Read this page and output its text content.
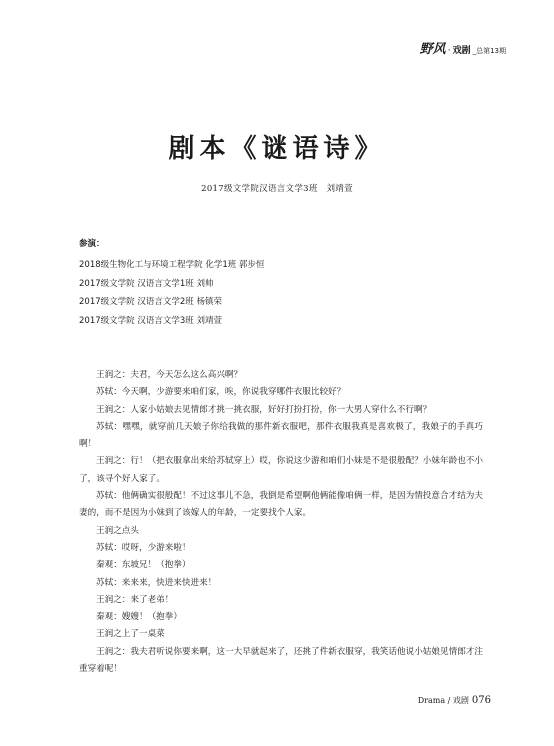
野风 · 戏剧 _总第13期
剧本《谜语诗》
2017级文学院汉语言文学3班　刘靖萱
参演：
2018级生物化工与环境工程学院 化学1班 郭步恒
2017级文学院 汉语言文学1班 刘帅
2017级文学院 汉语言文学2班 杨镇荣
2017级文学院 汉语言文学3班 刘靖萱

王润之：夫君，今天怎么这么高兴啊？

苏轼：今天啊，少游要来咱们家，唉，你说我穿哪件衣服比较好？

王润之：人家小姑娘去见情郎才挑一挑衣服，好好打扮打扮，你一大男人穿什么不行啊？

苏轼：嘿嘿，就穿前几天娘子你给我做的那件新衣服吧，那件衣服我真是喜欢极了，我娘子的手真巧啊！

王润之：行！（把衣服拿出来给苏轼穿上）哎，你说这少游和咱们小妹是不是很般配？小妹年龄也不小了，该寻个好人家了。

苏轼：他俩确实很般配！不过这事儿不急，我倒是希望啊他俩能像咱俩一样，是因为情投意合才结为夫妻的，而不是因为小妹到了该嫁人的年龄，一定要找个人家。

王润之点头

苏轼：哎呀，少游来啦！

秦观：东坡兄！（抱拳）

苏轼：来来来，快进来快进来！

王润之：来了老弟！

秦观：嫂嫂！（抱拳）

王润之上了一桌菜

王润之：我夫君听说你要来啊，这一大早就起来了，还挑了件新衣服穿，我笑话他说小姑娘见情郎才注重穿着呢！

Drama / 戏剧 076
